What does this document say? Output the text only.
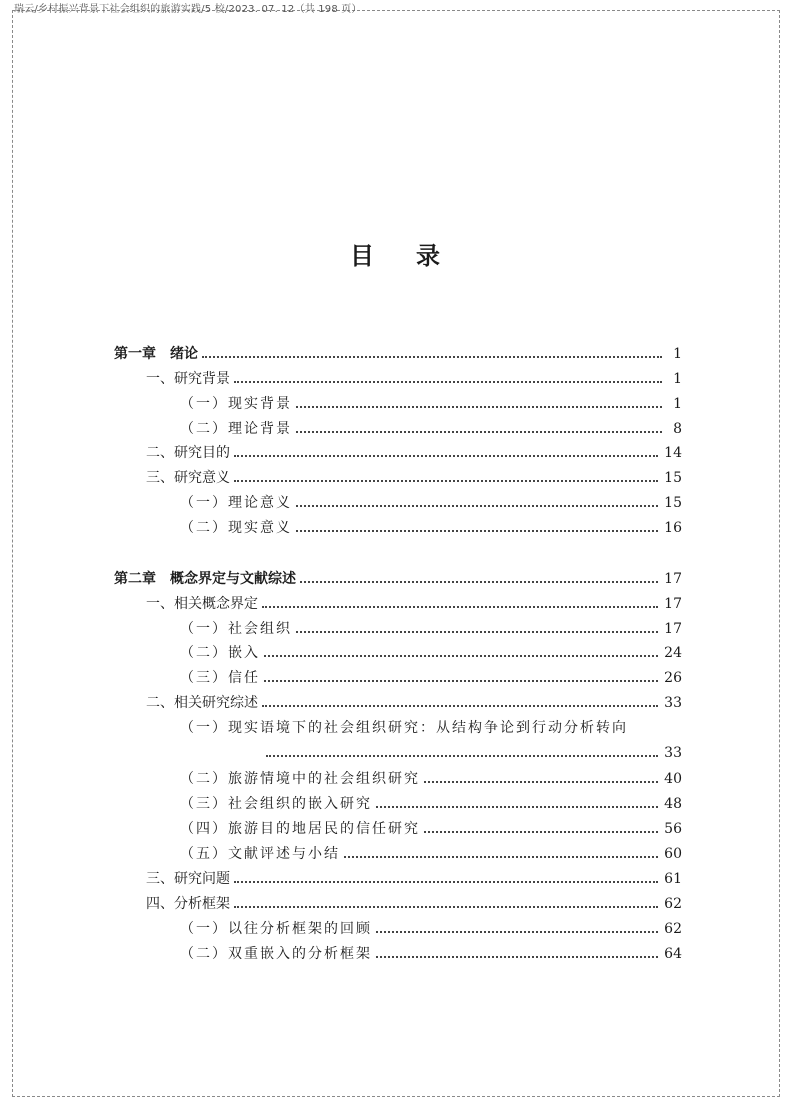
瑞云/乡村振兴背景下社会组织的旅游实践/5 校/2023. 07. 12（共 198 页）
目录
第一章　绪论	1
一、研究背景	1
（一）现实背景	1
（二）理论背景	8
二、研究目的	14
三、研究意义	15
（一）理论意义	15
（二）现实意义	16
第二章　概念界定与文献综述	17
一、相关概念界定	17
（一）社会组织	17
（二）嵌入	24
（三）信任	26
二、相关研究综述	33
（一）现实语境下的社会组织研究：从结构争论到行动分析转向
33
（二）旅游情境中的社会组织研究	40
（三）社会组织的嵌入研究	48
（四）旅游目的地居民的信任研究	56
（五）文献评述与小结	60
三、研究问题	61
四、分析框架	62
（一）以往分析框架的回顾	62
（二）双重嵌入的分析框架	64
